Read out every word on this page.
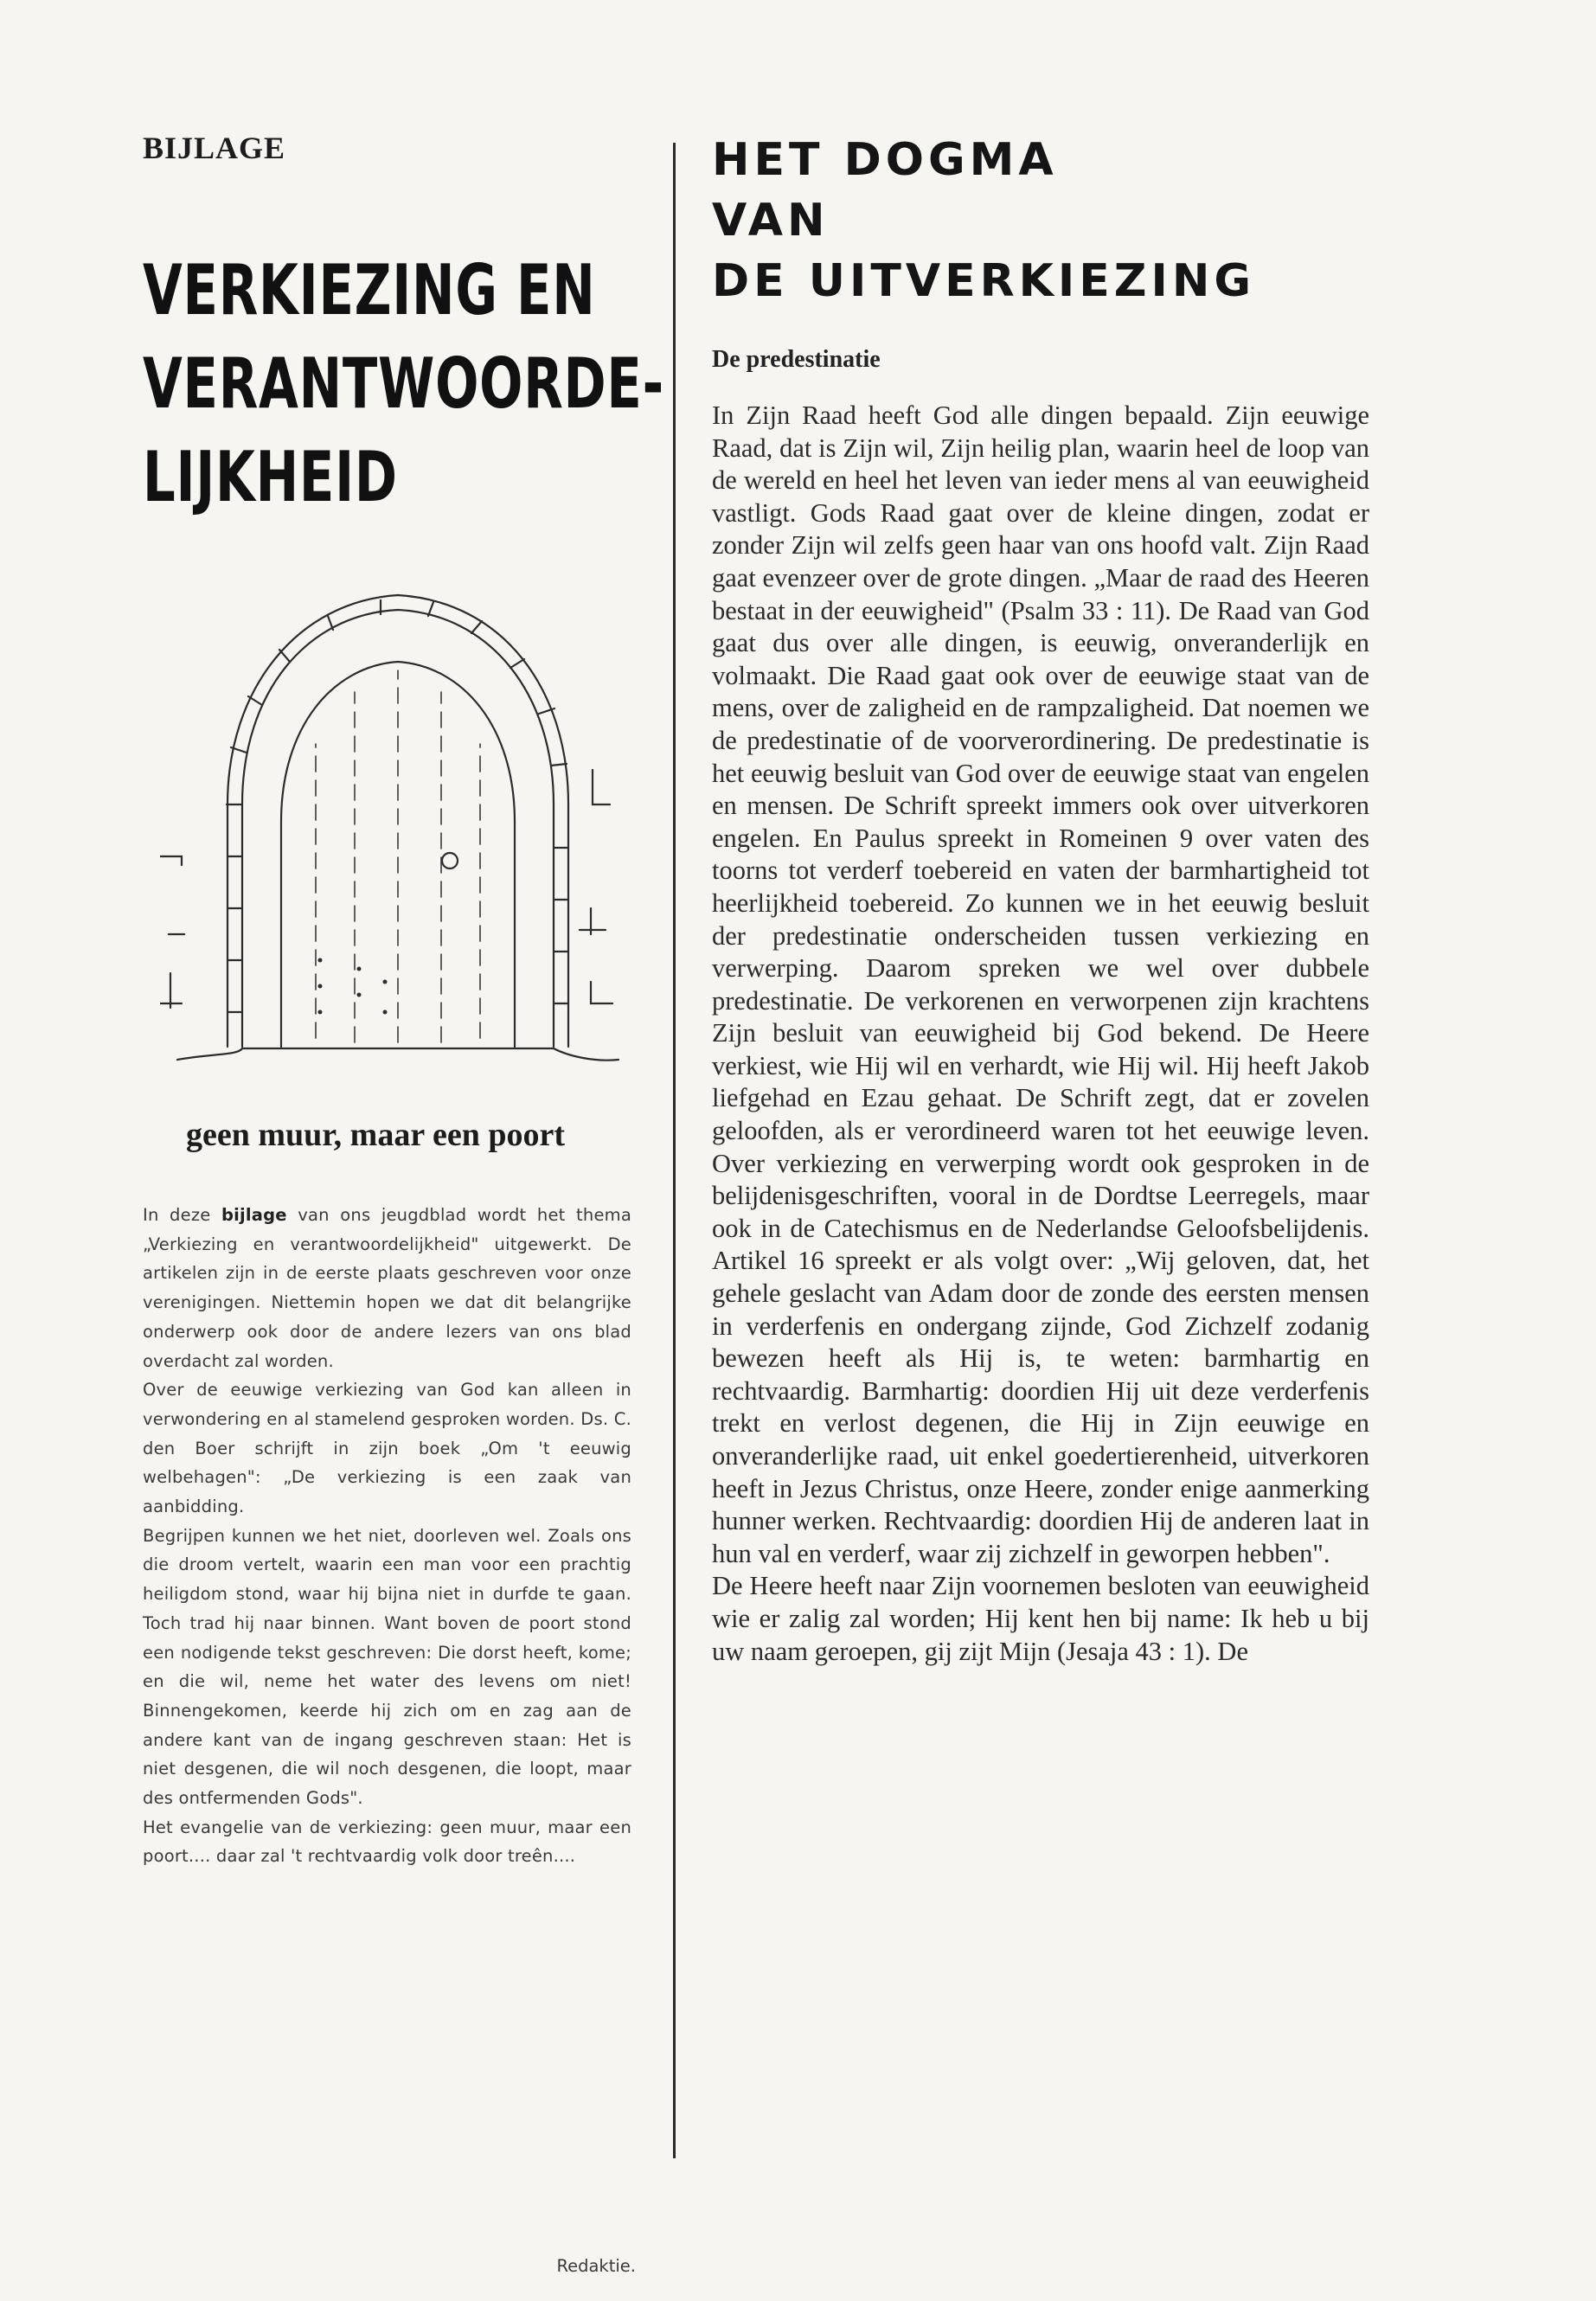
BIJLAGE

VERKIEZING EN
VERANTWOORDE-
LIJKHEID

geen muur, maar een poort

In deze bijlage van ons jeugdblad wordt het thema „Verkiezing en verantwoordelijkheid" uitgewerkt. De artikelen zijn in de eerste plaats geschreven voor onze verenigingen. Niettemin hopen we dat dit belangrijke onderwerp ook door de andere lezers van ons blad overdacht zal worden.

Over de eeuwige verkiezing van God kan alleen in verwondering en al stamelend gesproken worden. Ds. C. den Boer schrijft in zijn boek „Om 't eeuwig welbehagen": „De verkiezing is een zaak van aanbidding.

Begrijpen kunnen we het niet, doorleven wel. Zoals ons die droom vertelt, waarin een man voor een prachtig heiligdom stond, waar hij bijna niet in durfde te gaan. Toch trad hij naar binnen. Want boven de poort stond een nodigende tekst geschreven: Die dorst heeft, kome; en die wil, neme het water des levens om niet! Binnengekomen, keerde hij zich om en zag aan de andere kant van de ingang geschreven staan: Het is niet desgenen, die wil noch desgenen, die loopt, maar des ontfermenden Gods".

Het evangelie van de verkiezing: geen muur, maar een poort.... daar zal 't rechtvaardig volk door treên....

Redaktie.

HET DOGMA
VAN
DE UITVERKIEZING

De predestinatie

In Zijn Raad heeft God alle dingen bepaald. Zijn eeuwige Raad, dat is Zijn wil, Zijn heilig plan, waarin heel de loop van de wereld en heel het leven van ieder mens al van eeuwigheid vastligt. Gods Raad gaat over de kleine dingen, zodat er zonder Zijn wil zelfs geen haar van ons hoofd valt. Zijn Raad gaat evenzeer over de grote dingen. „Maar de raad des Heeren bestaat in der eeuwigheid" (Psalm 33 : 11). De Raad van God gaat dus over alle dingen, is eeuwig, onveranderlijk en volmaakt. Die Raad gaat ook over de eeuwige staat van de mens, over de zaligheid en de rampzaligheid. Dat noemen we de predestinatie of de voorverordinering. De predestinatie is het eeuwig besluit van God over de eeuwige staat van engelen en mensen. De Schrift spreekt immers ook over uitverkoren engelen. En Paulus spreekt in Romeinen 9 over vaten des toorns tot verderf toebereid en vaten der barmhartigheid tot heerlijkheid toebereid. Zo kunnen we in het eeuwig besluit der predestinatie onderscheiden tussen verkiezing en verwerping. Daarom spreken we wel over dubbele predestinatie. De verkorenen en verworpenen zijn krachtens Zijn besluit van eeuwigheid bij God bekend. De Heere verkiest, wie Hij wil en verhardt, wie Hij wil. Hij heeft Jakob liefgehad en Ezau gehaat. De Schrift zegt, dat er zovelen geloofden, als er verordineerd waren tot het eeuwige leven. Over verkiezing en verwerping wordt ook gesproken in de belijdenisgeschriften, vooral in de Dordtse Leerregels, maar ook in de Catechismus en de Nederlandse Geloofsbelijdenis. Artikel 16 spreekt er als volgt over: „Wij geloven, dat, het gehele geslacht van Adam door de zonde des eersten mensen in verderfenis en ondergang zijnde, God Zichzelf zodanig bewezen heeft als Hij is, te weten: barmhartig en rechtvaardig. Barmhartig: doordien Hij uit deze verderfenis trekt en verlost degenen, die Hij in Zijn eeuwige en onveranderlijke raad, uit enkel goedertierenheid, uitverkoren heeft in Jezus Christus, onze Heere, zonder enige aanmerking hunner werken. Rechtvaardig: doordien Hij de anderen laat in hun val en verderf, waar zij zichzelf in geworpen hebben".

De Heere heeft naar Zijn voornemen besloten van eeuwigheid wie er zalig zal worden; Hij kent hen bij name: Ik heb u bij uw naam geroepen, gij zijt Mijn (Jesaja 43 : 1). De
